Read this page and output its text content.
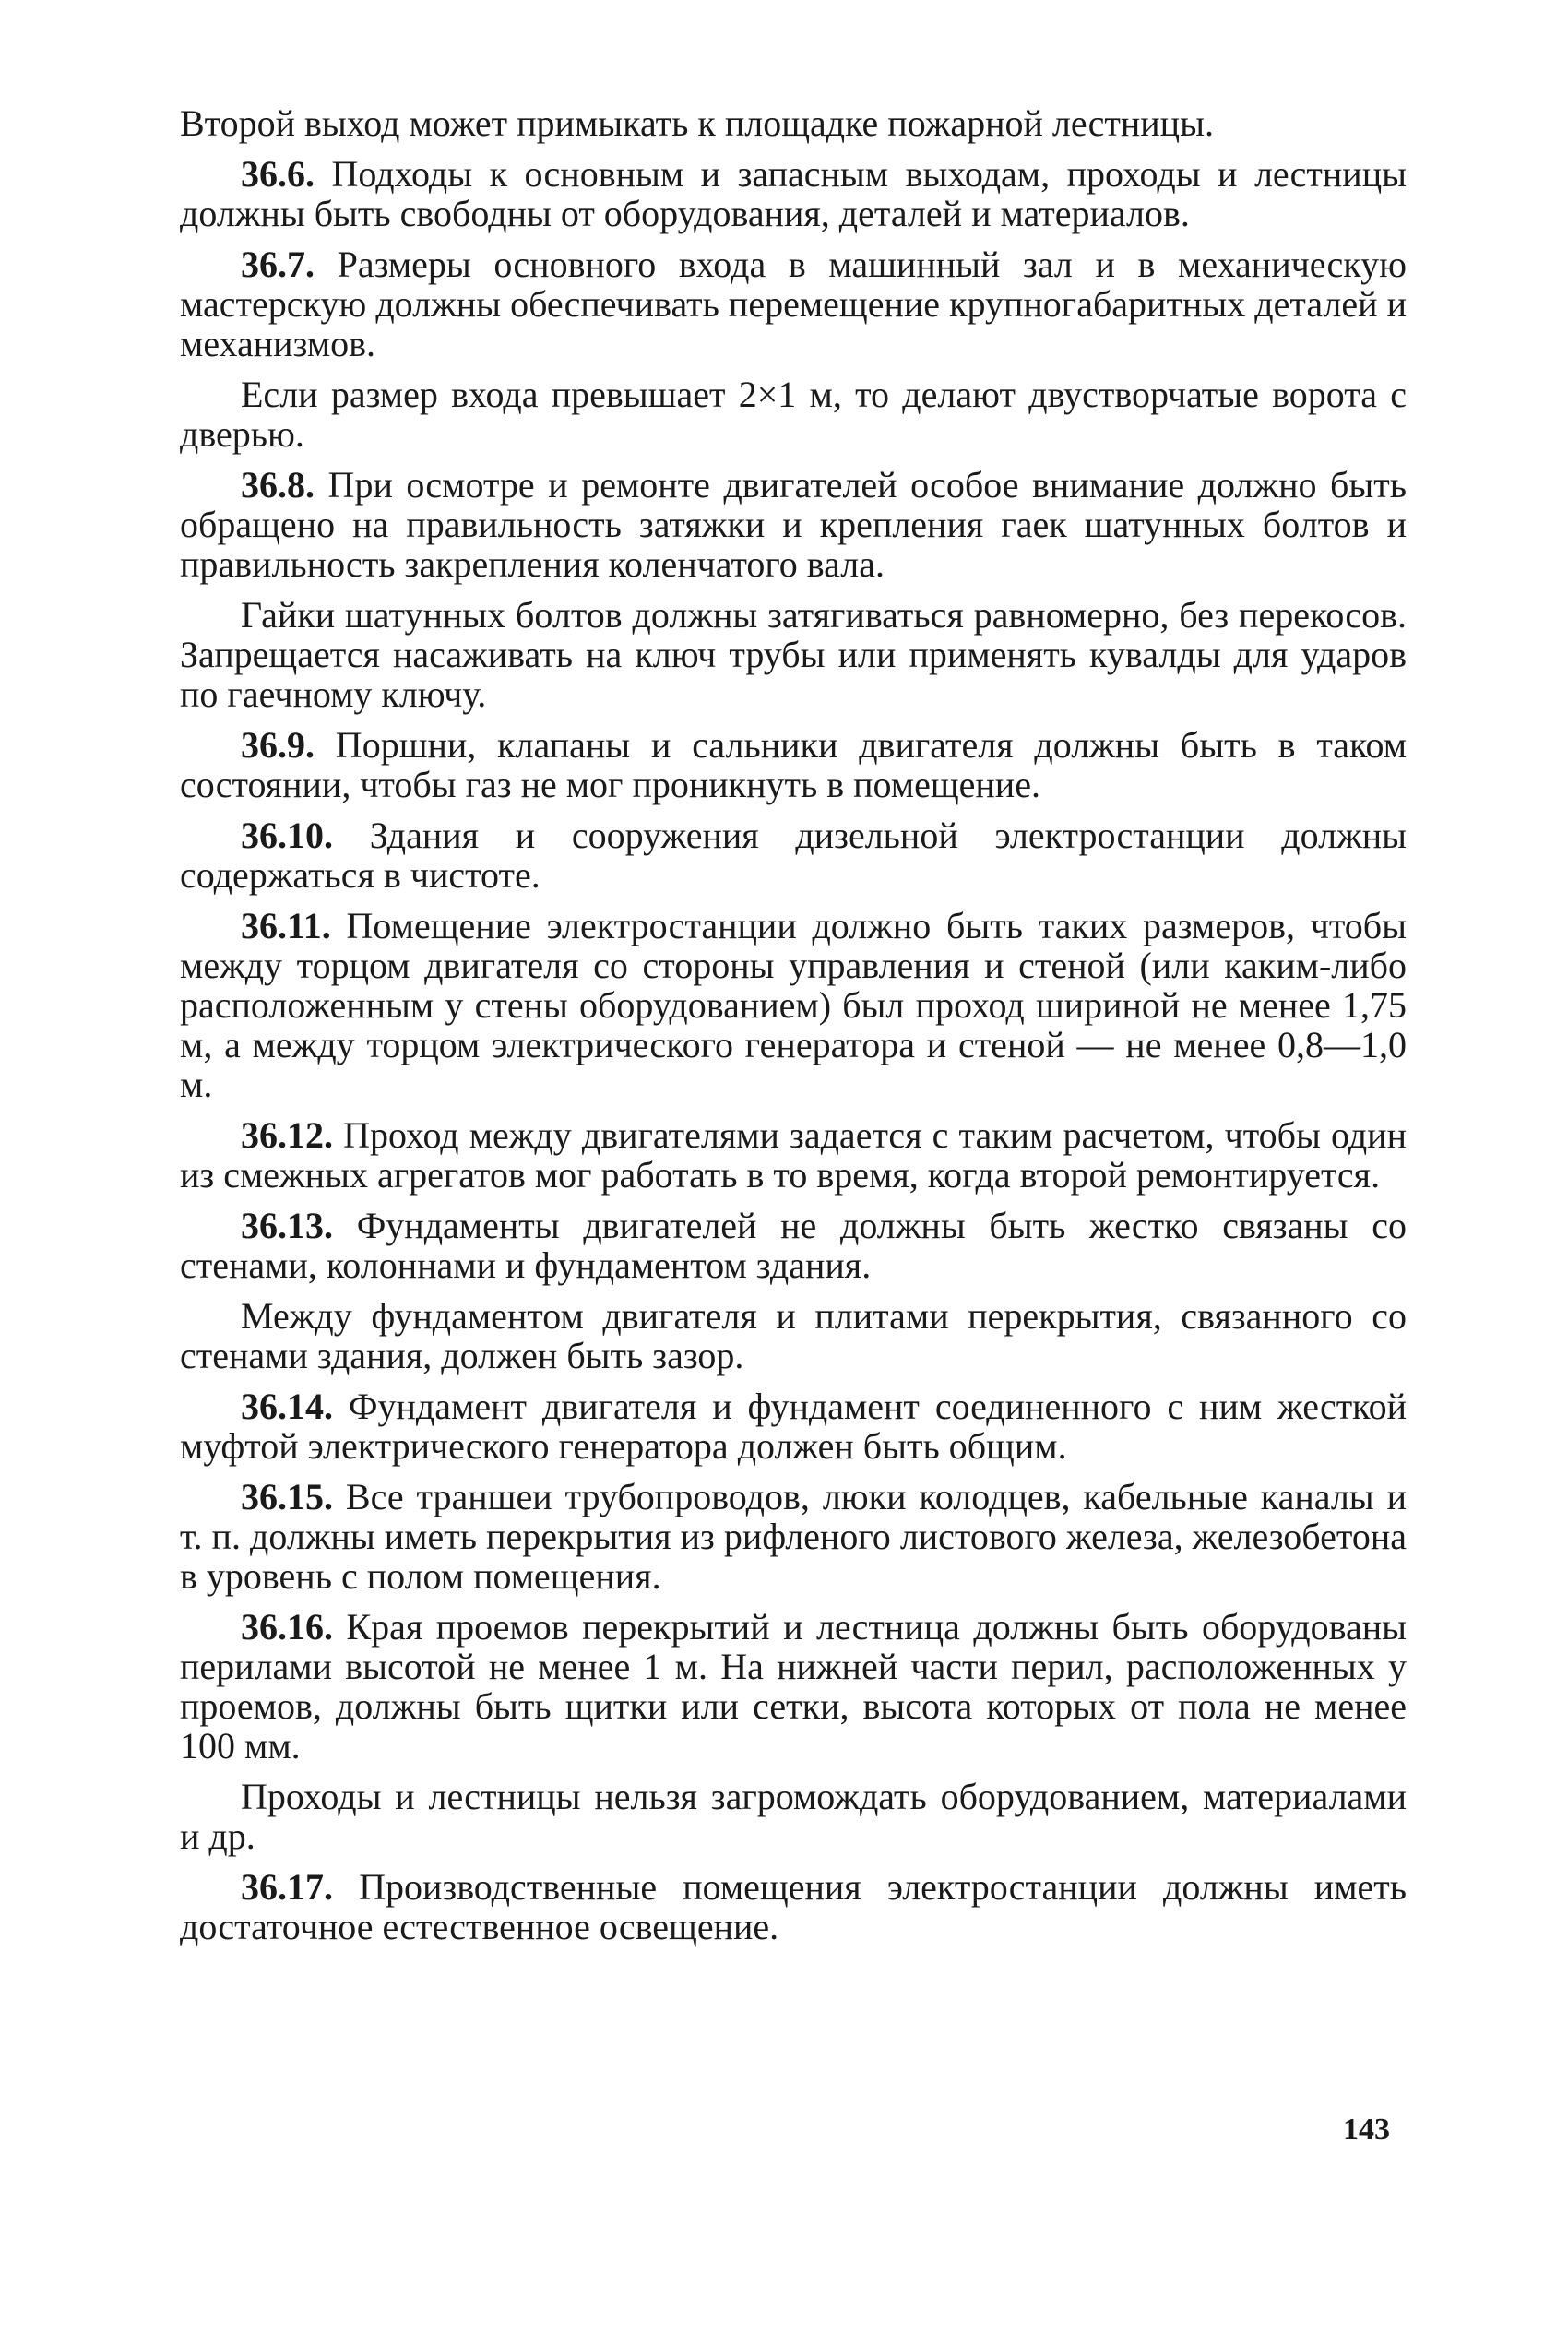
Второй выход может примыкать к площадке пожарной лестницы.

36.6. Подходы к основным и запасным выходам, проходы и лестницы должны быть свободны от оборудования, деталей и материалов.

36.7. Размеры основного входа в машинный зал и в механическую мастерскую должны обеспечивать перемещение крупногабаритных деталей и механизмов.

Если размер входа превышает 2×1 м, то делают двустворчатые ворота с дверью.

36.8. При осмотре и ремонте двигателей особое внимание должно быть обращено на правильность затяжки и крепления гаек шатунных болтов и правильность закрепления коленчатого вала.

Гайки шатунных болтов должны затягиваться равномерно, без перекосов. Запрещается насаживать на ключ трубы или применять кувалды для ударов по гаечному ключу.

36.9. Поршни, клапаны и сальники двигателя должны быть в таком состоянии, чтобы газ не мог проникнуть в помещение.

36.10. Здания и сооружения дизельной электростанции должны содержаться в чистоте.

36.11. Помещение электростанции должно быть таких размеров, чтобы между торцом двигателя со стороны управления и стеной (или каким-либо расположенным у стены оборудованием) был проход шириной не менее 1,75 м, а между торцом электрического генератора и стеной — не менее 0,8—1,0 м.

36.12. Проход между двигателями задается с таким расчетом, чтобы один из смежных агрегатов мог работать в то время, когда второй ремонтируется.

36.13. Фундаменты двигателей не должны быть жестко связаны со стенами, колоннами и фундаментом здания.

Между фундаментом двигателя и плитами перекрытия, связанного со стенами здания, должен быть зазор.

36.14. Фундамент двигателя и фундамент соединенного с ним жесткой муфтой электрического генератора должен быть общим.

36.15. Все траншеи трубопроводов, люки колодцев, кабельные каналы и т. п. должны иметь перекрытия из рифленого листового железа, железобетона в уровень с полом помещения.

36.16. Края проемов перекрытий и лестница должны быть оборудованы перилами высотой не менее 1 м. На нижней части перил, расположенных у проемов, должны быть щитки или сетки, высота которых от пола не менее 100 мм.

Проходы и лестницы нельзя загромождать оборудованием, материалами и др.

36.17. Производственные помещения электростанции должны иметь достаточное естественное освещение.

143
